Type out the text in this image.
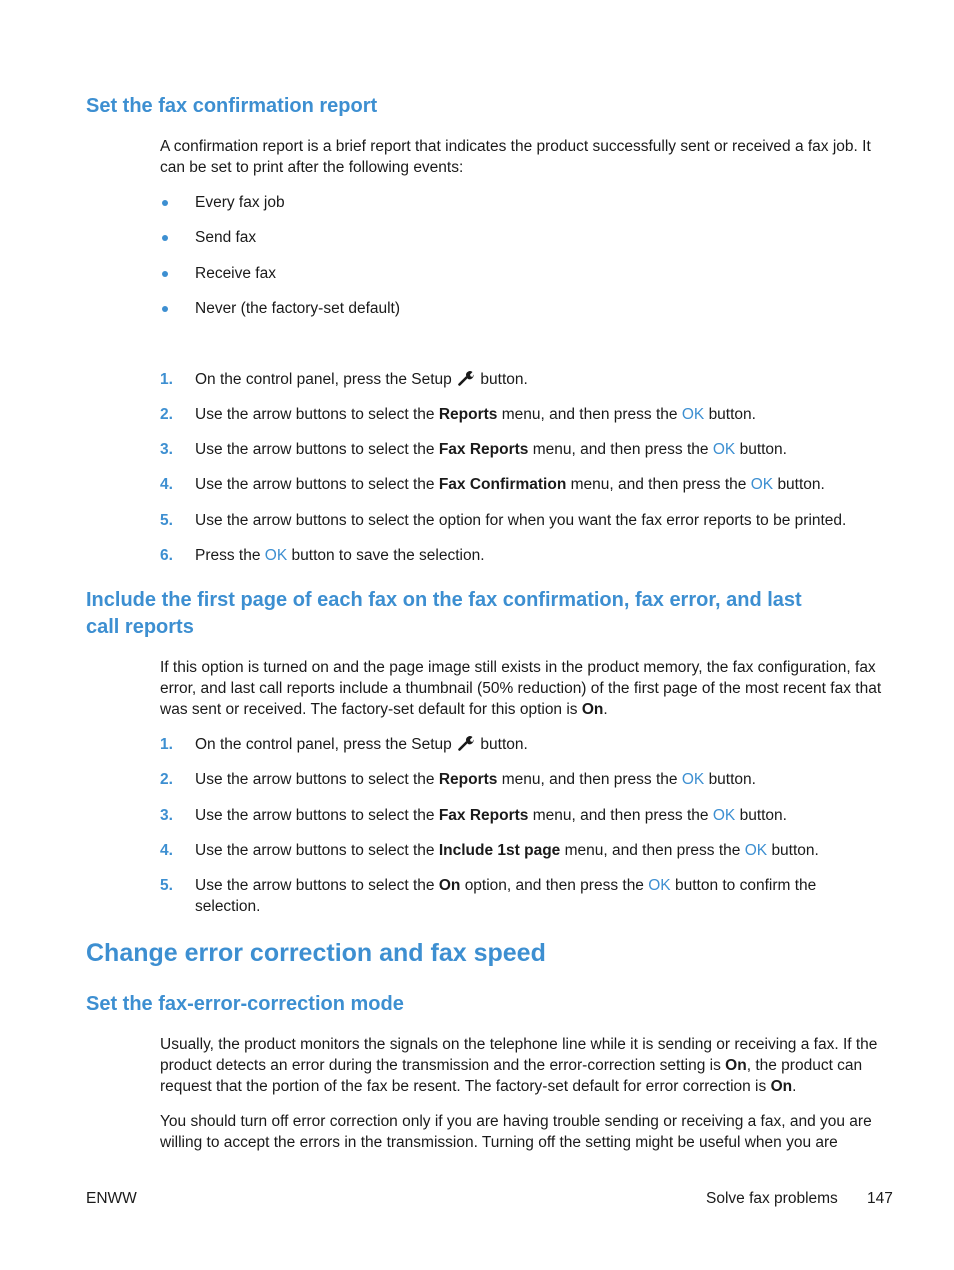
Set the fax confirmation report

A confirmation report is a brief report that indicates the product successfully sent or received a fax job. It can be set to print after the following events:

Every fax job
Send fax
Receive fax
Never (the factory-set default)
1.	On the control panel, press the Setup button.
2.	Use the arrow buttons to select the Reports menu, and then press the OK button.
3.	Use the arrow buttons to select the Fax Reports menu, and then press the OK button.
4.	Use the arrow buttons to select the Fax Confirmation menu, and then press the OK button.
5.	Use the arrow buttons to select the option for when you want the fax error reports to be printed.
6.	Press the OK button to save the selection.
Include the first page of each fax on the fax confirmation, fax error, and last
call reports

If this option is turned on and the page image still exists in the product memory, the fax configuration, fax error, and last call reports include a thumbnail (50% reduction) of the first page of the most recent fax that was sent or received. The factory-set default for this option is On.

1.	On the control panel, press the Setup button.
2.	Use the arrow buttons to select the Reports menu, and then press the OK button.
3.	Use the arrow buttons to select the Fax Reports menu, and then press the OK button.
4.	Use the arrow buttons to select the Include 1st page menu, and then press the OK button.
5.	Use the arrow buttons to select the On option, and then press the OK button to confirm the selection.
Change error correction and fax speed
Set the fax-error-correction mode

Usually, the product monitors the signals on the telephone line while it is sending or receiving a fax. If the product detects an error during the transmission and the error-correction setting is On, the product can request that the portion of the fax be resent. The factory-set default for error correction is On.

You should turn off error correction only if you are having trouble sending or receiving a fax, and you are willing to accept the errors in the transmission. Turning off the setting might be useful when you are

ENWW	Solve fax problems 147
